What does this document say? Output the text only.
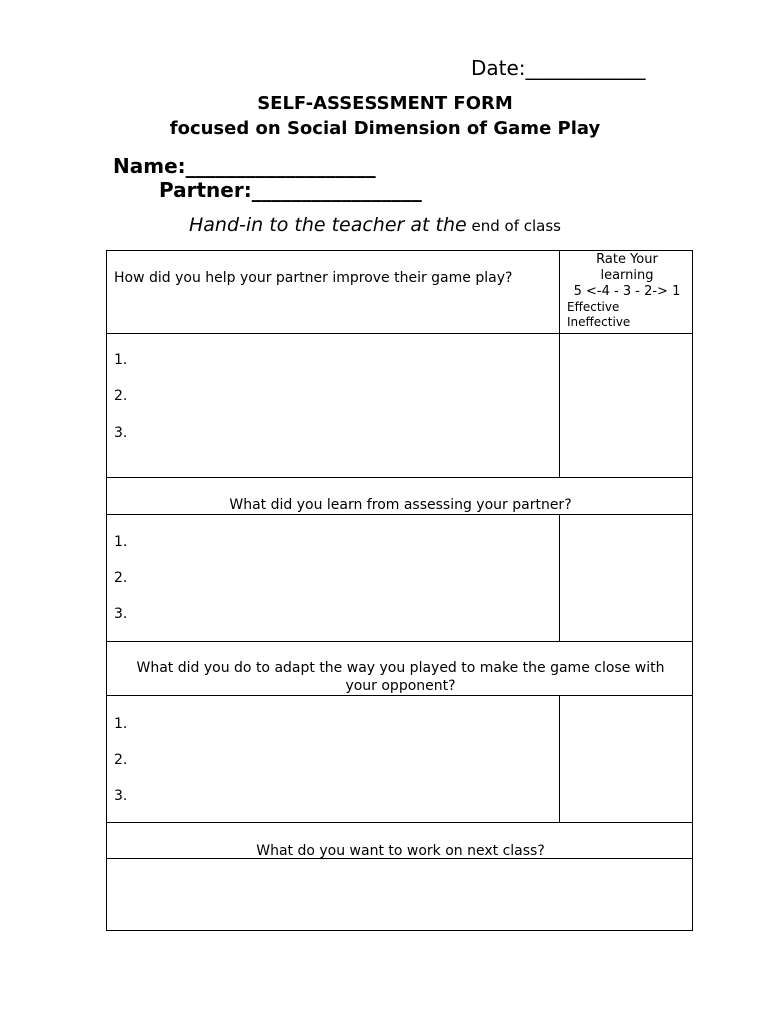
Date:____________
SELF-ASSESSMENT FORM
focused on Social Dimension of Game Play
Name:___________________
Partner:_________________
Hand-in to the teacher at the end of class
How did you help your partner improve their game play?
Rate Your
learning
5 <-4 - 3 - 2-> 1
Effective
Ineffective
1.
2.
3.
What did you learn from assessing your partner?
1.
2.
3.
What did you do to adapt the way you played to make the game close with
your opponent?
1.
2.
3.
What do you want to work on next class?
